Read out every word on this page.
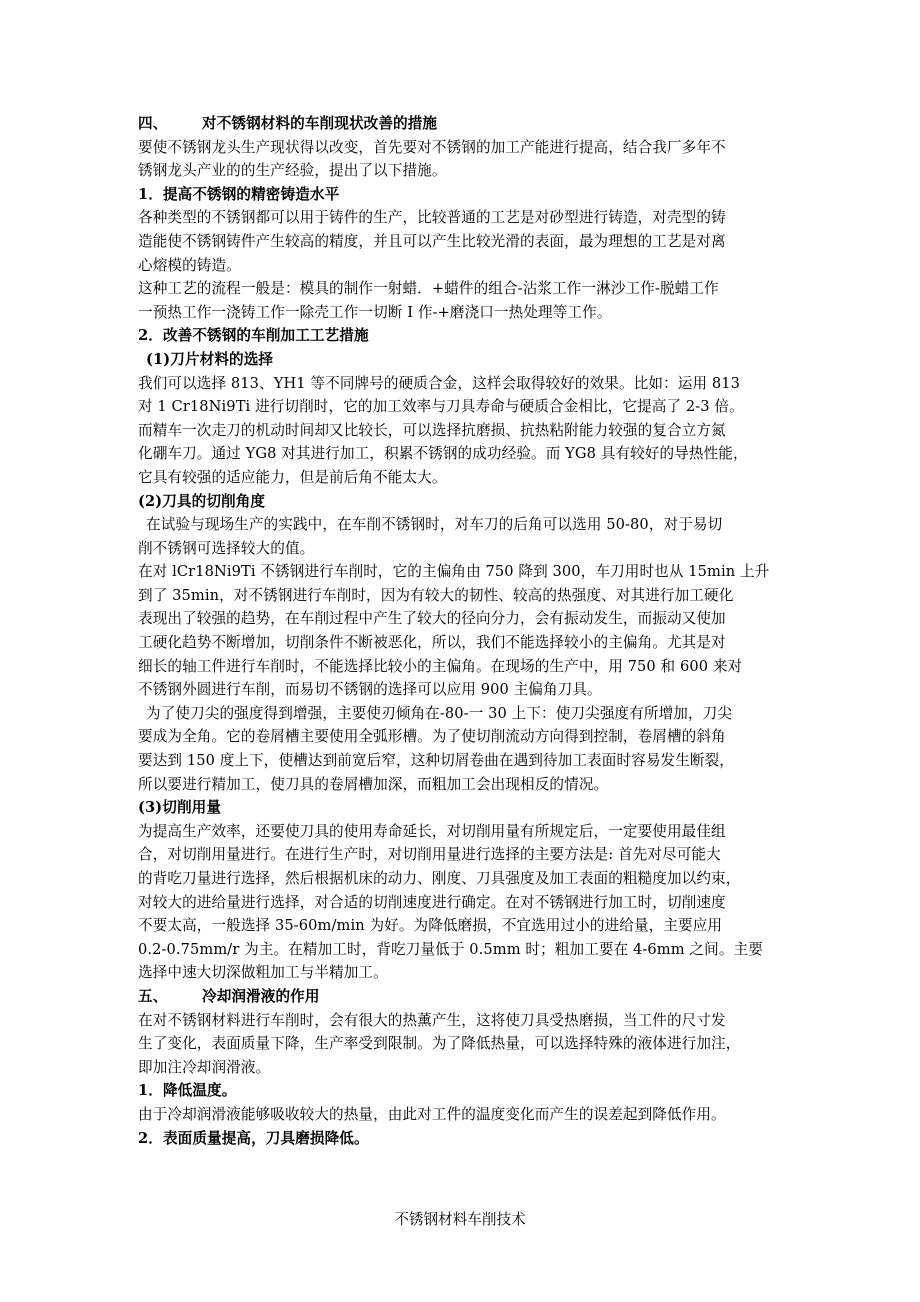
四、 对不锈钢材料的车削现状改善的措施
要使不锈钢龙头生产现状得以改变，首先要对不锈钢的加工产能进行提高，结合我厂多年不
锈钢龙头产业的的生产经验，提出了以下措施。
1．提高不锈钢的精密铸造水平
各种类型的不锈钢都可以用于铸件的生产，比较普通的工艺是对砂型进行铸造，对壳型的铸
造能使不锈钢铸件产生较高的精度，并且可以产生比较光滑的表面，最为理想的工艺是对离
心熔模的铸造。
这种工艺的流程一般是：模具的制作一射蜡．+蜡件的组合-沾浆工作一淋沙工作-脱蜡工作
一预热工作一浇铸工作一除壳工作一切断 I 作-+磨浇口一热处理等工作。
2．改善不锈钢的车削加工工艺措施
(1)刀片材料的选择
我们可以选择 813、YH1 等不同牌号的硬质合金，这样会取得较好的效果。比如：运用 813
对 1 Cr18Ni9Ti 进行切削时，它的加工效率与刀具寿命与硬质合金相比，它提高了 2-3 倍。
而精车一次走刀的机动时间却又比较长，可以选择抗磨损、抗热粘附能力较强的复合立方氮
化硼车刀。通过 YG8 对其进行加工，积累不锈钢的成功经验。而 YG8 具有较好的导热性能，
它具有较强的适应能力，但是前后角不能太大。
(2)刀具的切削角度
在试验与现场生产的实践中，在车削不锈钢时，对车刀的后角可以选用 50-80，对于易切
削不锈钢可选择较大的值。
在对 lCr18Ni9Ti 不锈钢进行车削时，它的主偏角由 750 降到 300，车刀用时也从 15min 上升
到了 35min，对不锈钢进行车削时，因为有较大的韧性、较高的热强度、对其进行加工硬化
表现出了较强的趋势，在车削过程中产生了较大的径向分力，会有振动发生，而振动又使加
工硬化趋势不断增加，切削条件不断被恶化，所以，我们不能选择较小的主偏角。尤其是对
细长的轴工件进行车削时，不能选择比较小的主偏角。在现场的生产中，用 750 和 600 来对
不锈钢外圆进行车削，而易切不锈钢的选择可以应用 900 主偏角刀具。
为了使刀尖的强度得到增强，主要使刃倾角在-80-一 30 上下：使刀尖强度有所增加，刀尖
要成为全角。它的卷屑槽主要使用全弧形槽。为了使切削流动方向得到控制，卷屑槽的斜角
要达到 150 度上下，使槽达到前宽后窄，这种切屑卷曲在遇到待加工表面时容易发生断裂，
所以要进行精加工，使刀具的卷屑槽加深，而粗加工会出现相反的情况。
(3)切削用量
为提高生产效率，还要使刀具的使用寿命延长，对切削用量有所规定后，一定要使用最佳组
合，对切削用量进行。在进行生产时，对切削用量进行选择的主要方法是: 首先对尽可能大
的背吃刀量进行选择，然后根据机床的动力、刚度、刀具强度及加工表面的粗糙度加以约束，
对较大的进给量进行选择，对合适的切削速度进行确定。在对不锈钢进行加工时，切削速度
不要太高，一般选择 35-60m/min 为好。为降低磨损，不宜选用过小的进给量，主要应用
0.2-0.75mm/r 为主。在精加工时，背吃刀量低于 0.5mm 时；粗加工要在 4-6mm 之间。主要
选择中速大切深做粗加工与半精加工。
五、 冷却润滑液的作用
在对不锈钢材料进行车削时，会有很大的热薰产生，这将使刀具受热磨损，当工件的尺寸发
生了变化，表面质量下降，生产率受到限制。为了降低热量，可以选择特殊的液体进行加注，
即加注冷却润滑液。
1．降低温度。
由于冷却润滑液能够吸收较大的热量，由此对工件的温度变化而产生的误差起到降低作用。
2．表面质量提高，刀具磨损降低。
不锈钢材料车削技术
